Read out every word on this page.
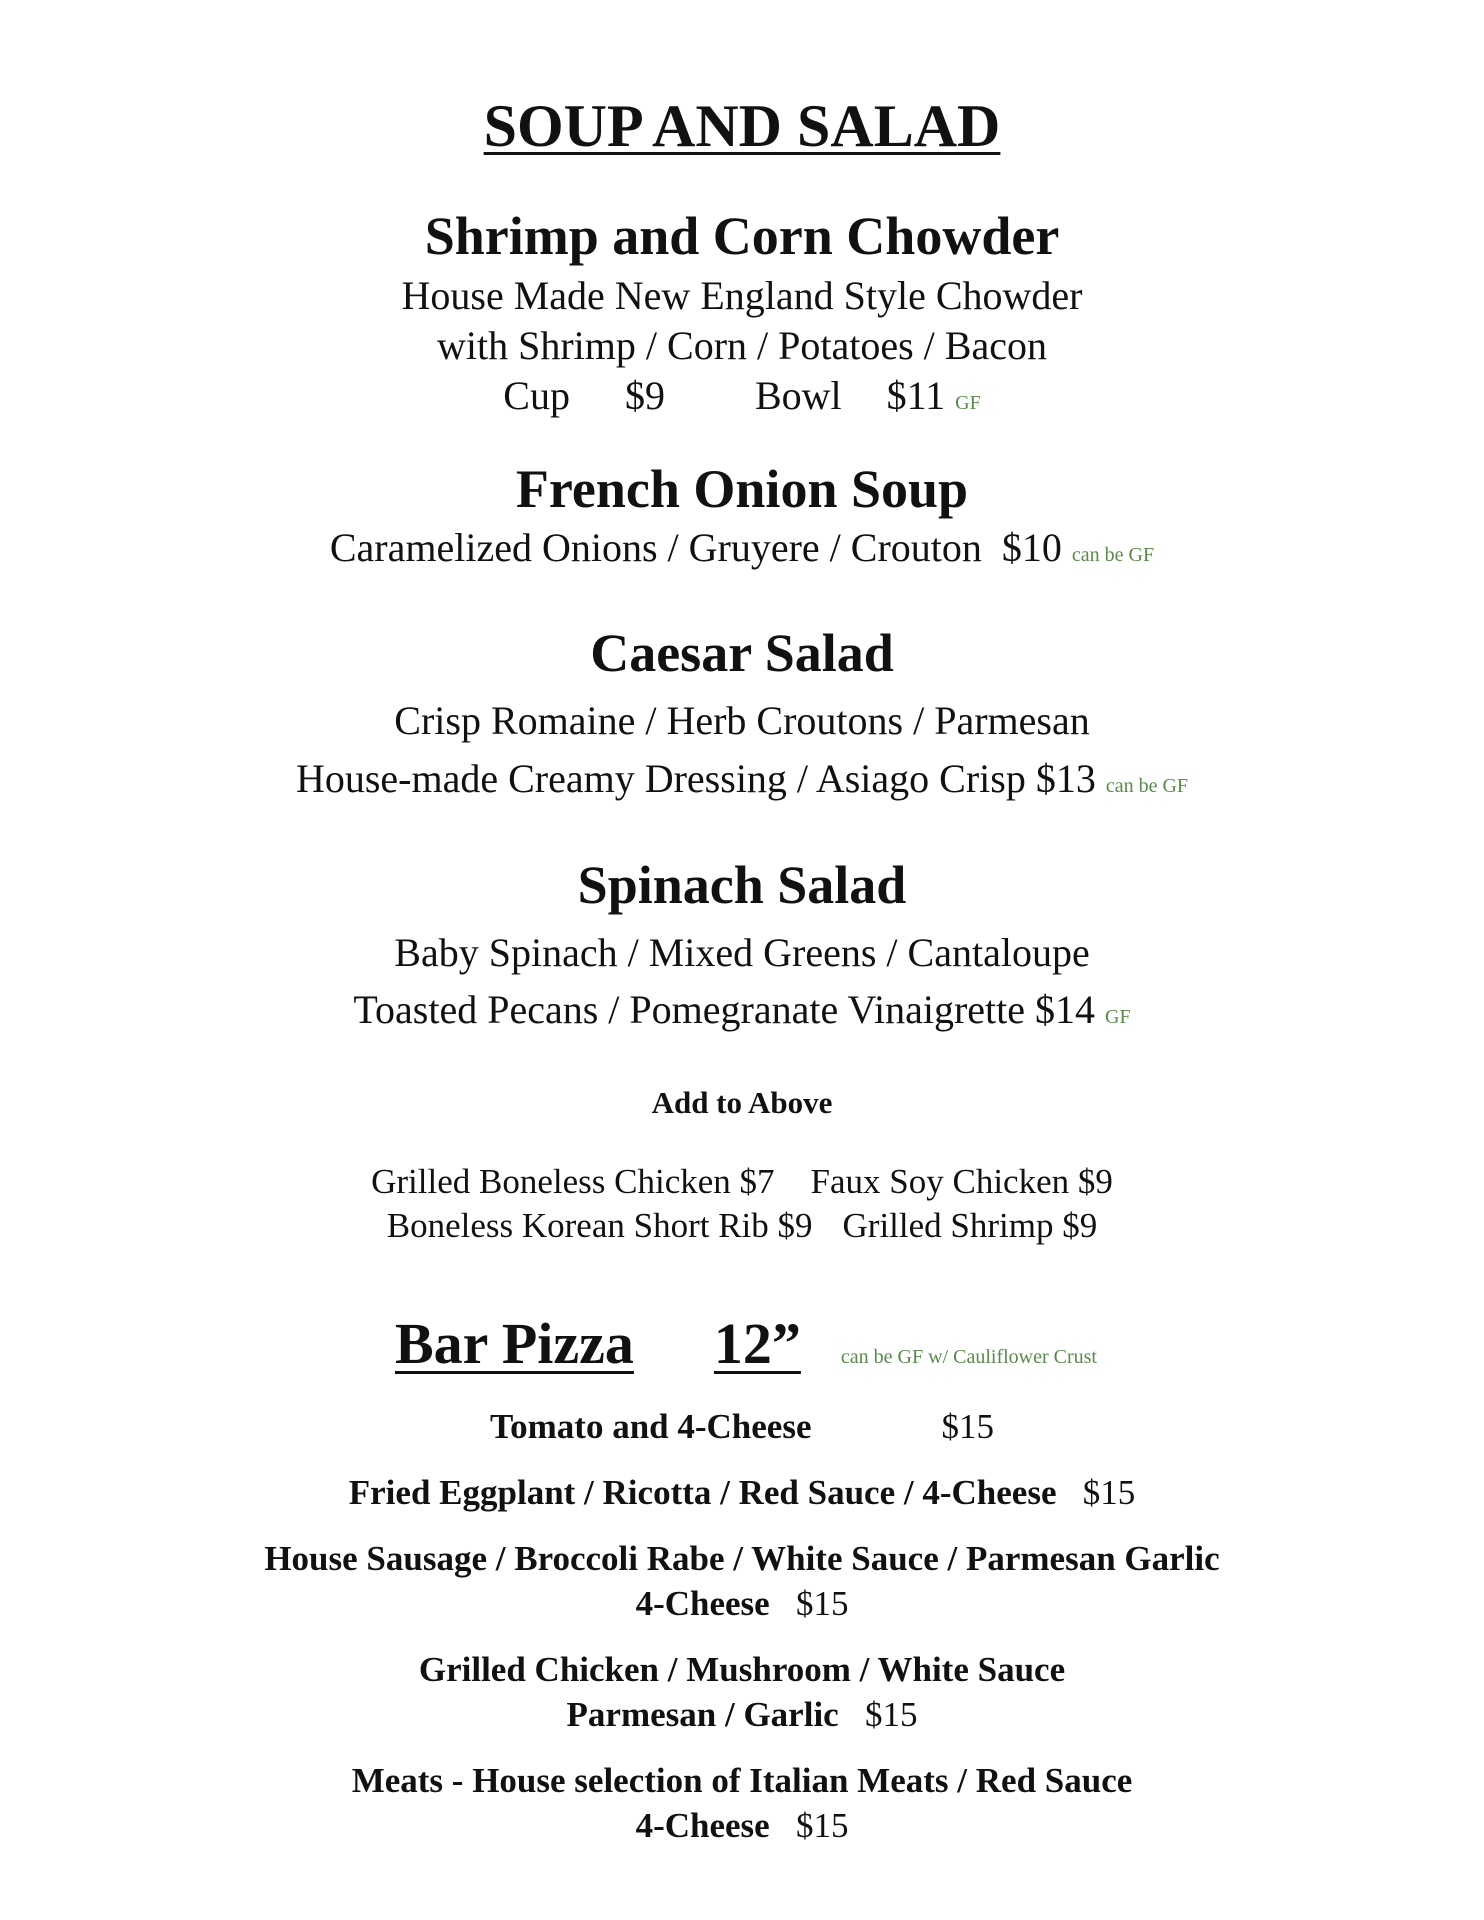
SOUP AND SALAD
Shrimp and Corn Chowder
House Made New England Style Chowder
with Shrimp / Corn / Potatoes / Bacon
Cup $9 Bowl $11 GF
French Onion Soup
Caramelized Onions / Gruyere / Crouton $10 can be GF
Caesar Salad
Crisp Romaine / Herb Croutons / Parmesan
House-made Creamy Dressing / Asiago Crisp $13 can be GF
Spinach Salad
Baby Spinach / Mixed Greens / Cantaloupe
Toasted Pecans / Pomegranate Vinaigrette $14 GF
Add to Above
Grilled Boneless Chicken $7 Faux Soy Chicken $9
Boneless Korean Short Rib $9 Grilled Shrimp $9
Bar Pizza 12” can be GF w/ Cauliflower Crust
Tomato and 4-Cheese	$15
Fried Eggplant / Ricotta / Red Sauce / 4-Cheese $15
House Sausage / Broccoli Rabe / White Sauce / Parmesan Garlic
4-Cheese $15
Grilled Chicken / Mushroom / White Sauce
Parmesan / Garlic $15
Meats - House selection of Italian Meats / Red Sauce
4-Cheese $15
